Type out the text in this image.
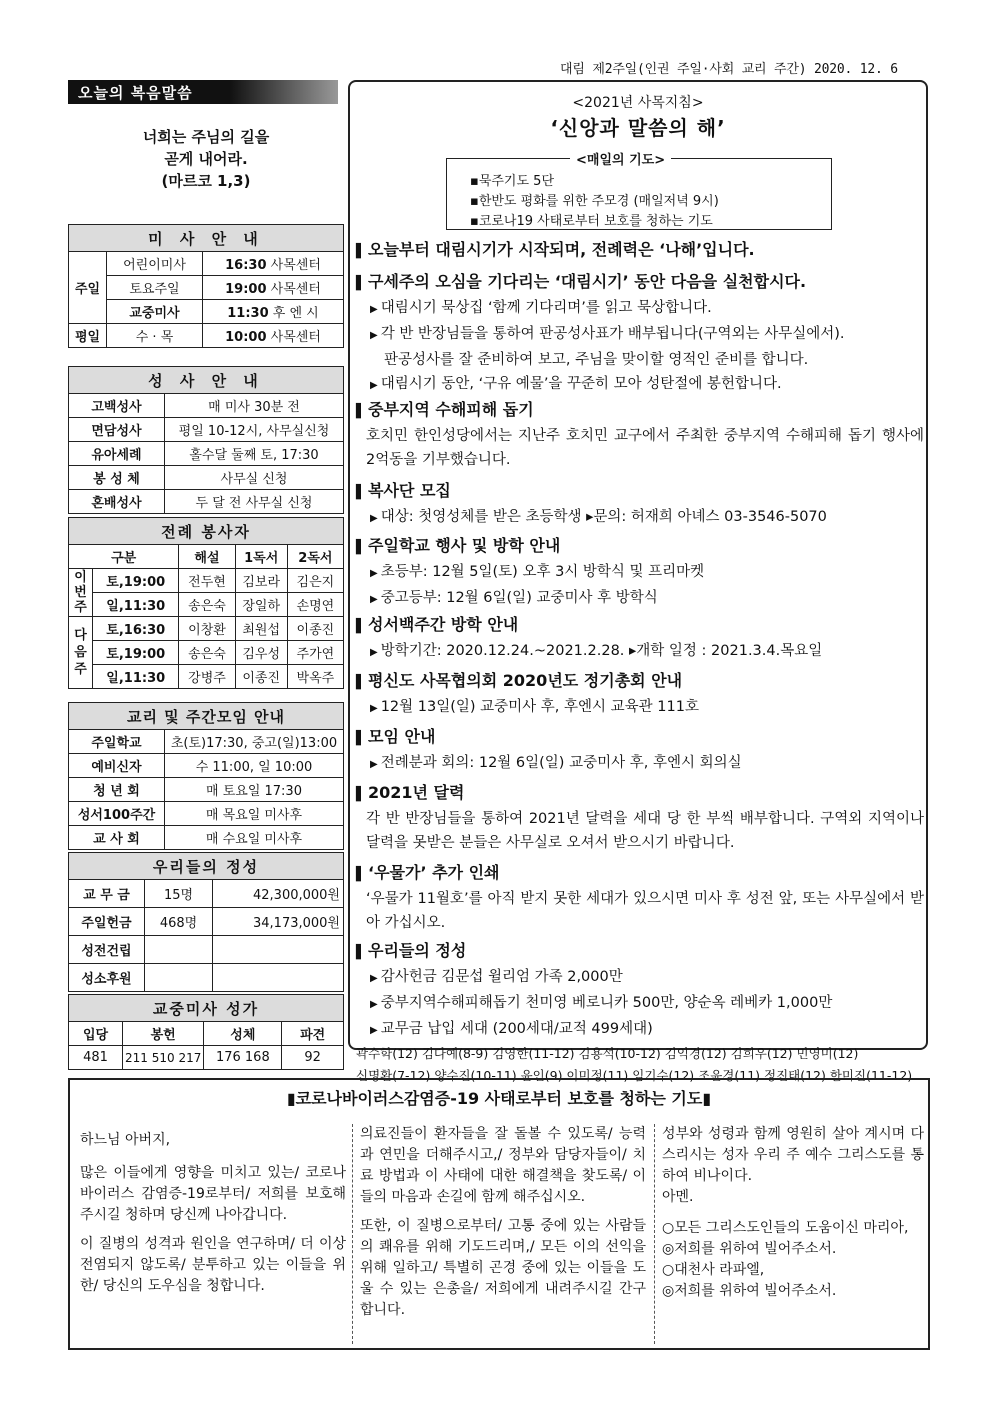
대림 제2주일(인권 주일·사회 교리 주간) 2020. 12. 6
오늘의 복음말씀
너희는 주님의 길을
곧게 내어라.
(마르코 1,3)
미 사 안 내		
주일	어린이미사	16:30 사목센터
	토요주일	19:00 사목센터
	교중미사	11:30 후 엔 시
평일	수 · 목	10:00 사목센터
성 사 안 내	
고백성사	매 미사 30분 전
면담성사	평일 10-12시, 사무실신청
유아세례	홀수달 둘째 토, 17:30
봉 성 체	사무실 신청
혼배성사	두 달 전 사무실 신청
전례 봉사자				
구분		해설	1독서	2독서
이번주	토,19:00	전두현	김보라	김은지
	일,11:30	송은숙	장일하	손명연
다음주	토,16:30	이창환	최원섭	이종진
	토,19:00	송은숙	김우성	주가연
	일,11:30	강병주	이종진	박옥주
교리 및 주간모임 안내	
주일학교	초(토)17:30, 중고(일)13:00
예비신자	수 11:00, 일 10:00
청 년 회	매 토요일 17:30
성서100주간	매 목요일 미사후
교 사 회	매 수요일 미사후
우리들의 정성		
교 무 금	15명	42,300,000원
주일헌금	468명	34,173,000원
성전건립		
성소후원		
교중미사 성가			
입당	봉헌	성체	파견
481	211 510 217	176 168	92
<2021년 사목지침>
‘신앙과 말씀의 해’
<매일의 기도>
▪묵주기도 5단
▪한반도 평화를 위한 주모경 (매일저녁 9시)
▪코로나19 사태로부터 보호를 청하는 기도
▌ 오늘부터 대림시기가 시작되며, 전례력은 ‘나해’입니다.
▌ 구세주의 오심을 기다리는 ‘대림시기’ 동안 다음을 실천합시다.
▶ 대림시기 묵상집 ‘함께 기다리며’를 읽고 묵상합니다.
▶ 각 반 반장님들을 통하여 판공성사표가 배부됩니다(구역외는 사무실에서).
판공성사를 잘 준비하여 보고, 주님을 맞이할 영적인 준비를 합니다.
▶ 대림시기 동안, ‘구유 예물’을 꾸준히 모아 성탄절에 봉헌합니다.
▌ 중부지역 수해피해 돕기
호치민 한인성당에서는 지난주 호치민 교구에서 주최한 중부지역 수해피해 돕기 행사에 2억동을 기부했습니다.
▌ 복사단 모집
▶ 대상: 첫영성체를 받은 초등학생 ▸문의: 허재희 아녜스 03-3546-5070
▌ 주일학교 행사 및 방학 안내
▶ 초등부: 12월 5일(토) 오후 3시 방학식 및 프리마켓
▶ 중고등부: 12월 6일(일) 교중미사 후 방학식
▌ 성서백주간 방학 안내
▶ 방학기간: 2020.12.24.~2021.2.28. ▸개학 일정 : 2021.3.4.목요일
▌ 평신도 사목협의회 2020년도 정기총회 안내
▶ 12월 13일(일) 교중미사 후, 후엔시 교육관 111호
▌ 모임 안내
▶ 전례분과 회의: 12월 6일(일) 교중미사 후, 후엔시 회의실
▌ 2021년 달력
각 반 반장님들을 통하여 2021년 달력을 세대 당 한 부씩 배부합니다. 구역외 지역이나 달력을 못받은 분들은 사무실로 오셔서 받으시기 바랍니다.
▌ ‘우물가’ 추가 인쇄
‘우물가 11월호’를 아직 받지 못한 세대가 있으시면 미사 후 성전 앞, 또는 사무실에서 받아 가십시오.
▌ 우리들의 정성
▶ 감사헌금 김문섭 윌리엄 가족 2,000만
▶ 중부지역수해피해돕기 천미영 베로니카 500만, 양순옥 레베카 1,000만
▶ 교무금 납입 세대 (200세대/교적 499세대)
곽수학(12) 김다예(8-9) 김영한(11-12) 김용석(10-12) 김익경(12) 김희우(12) 민영미(12)
신명환(7-12) 양수진(10-11) 윤인(9) 이미정(11) 임기수(12) 조윤경(11) 정진태(12) 한미진(11-12)
▮코로나바이러스감염증-19 사태로부터 보호를 청하는 기도▮

하느님 아버지,

많은 이들에게 영향을 미치고 있는/ 코로나 바이러스 감염증-19로부터/ 저희를 보호해주시길 청하며 당신께 나아갑니다.

이 질병의 성격과 원인을 연구하며/ 더 이상 전염되지 않도록/ 분투하고 있는 이들을 위한/ 당신의 도우심을 청합니다.

의료진들이 환자들을 잘 돌볼 수 있도록/ 능력과 연민을 더해주시고,/ 정부와 담당자들이/ 치료 방법과 이 사태에 대한 해결책을 찾도록/ 이들의 마음과 손길에 함께 해주십시오.

또한, 이 질병으로부터/ 고통 중에 있는 사람들의 쾌유를 위해 기도드리며,/ 모든 이의 선익을 위해 일하고/ 특별히 곤경 중에 있는 이들을 도울 수 있는 은총을/ 저희에게 내려주시길 간구합니다.

성부와 성령과 함께 영원히 살아 계시며 다스리시는 성자 우리 주 예수 그리스도를 통하여 비나이다.

아멘.

○모든 그리스도인들의 도움이신 마리아,

◎저희를 위하여 빌어주소서.

○대천사 라파엘,

◎저희를 위하여 빌어주소서.
